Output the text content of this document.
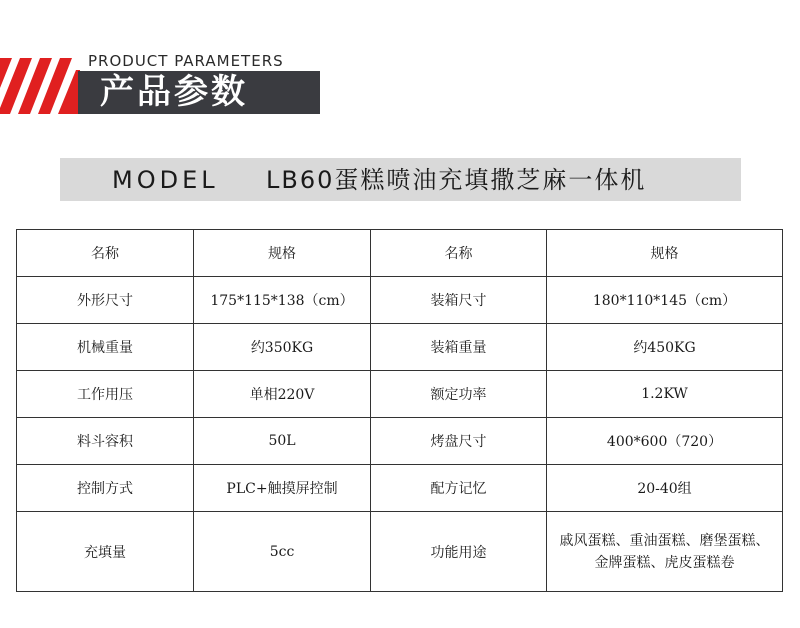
PRODUCT PARAMETERS
产品参数
MODEL LB60蛋糕喷油充填撒芝麻一体机
名称	规格	名称	规格
外形尺寸	175*115*138（cm）	装箱尺寸	180*110*145（cm）
机械重量	约350KG	装箱重量	约450KG
工作用压	单相220V	额定功率	1.2KW
料斗容积	50L	烤盘尺寸	400*600（720）
控制方式	PLC+触摸屏控制	配方记忆	20-40组
充填量	5cc	功能用途	戚风蛋糕、重油蛋糕、磨堡蛋糕、
金牌蛋糕、虎皮蛋糕卷
